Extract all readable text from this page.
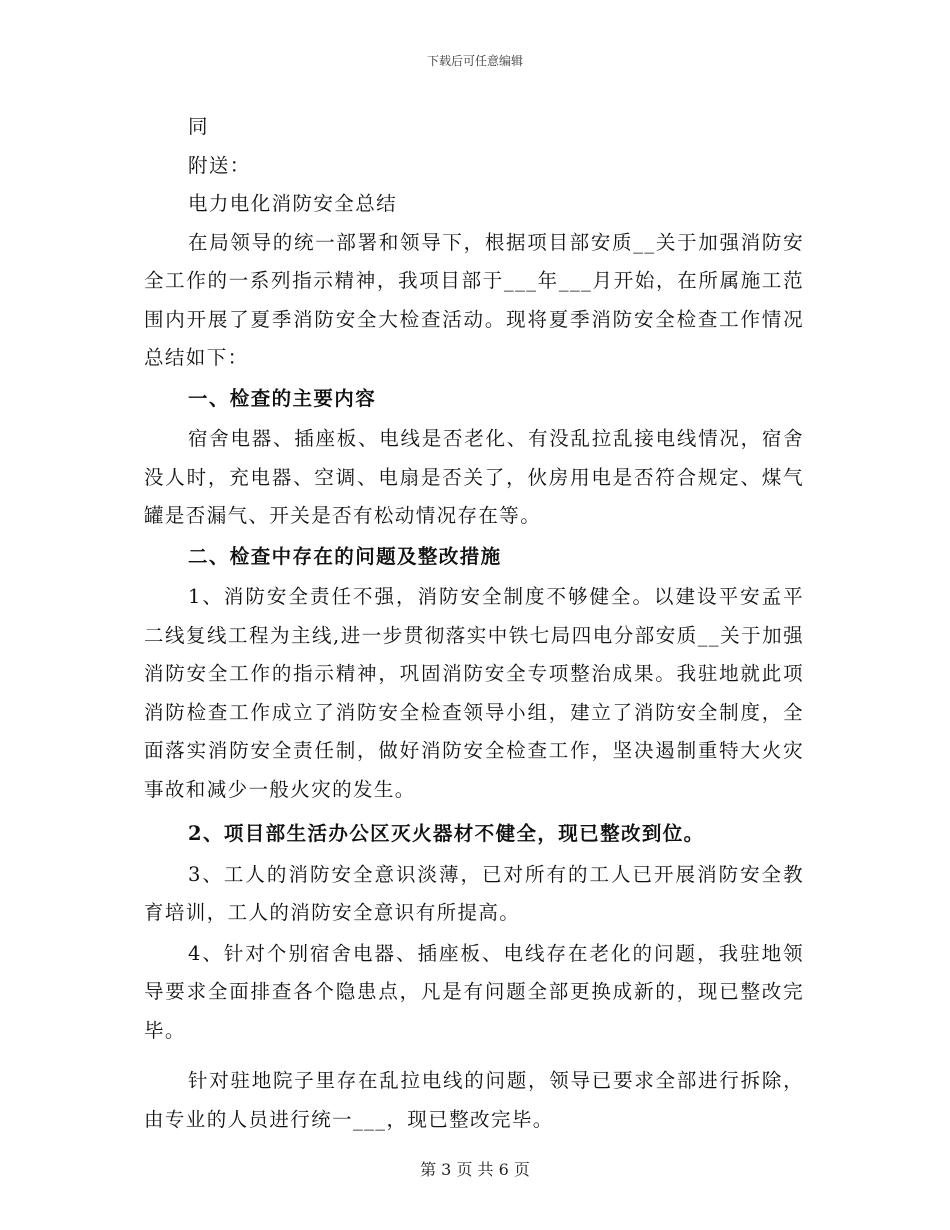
下载后可任意编辑

同

附送：

电力电化消防安全总结

在局领导的统一部署和领导下，根据项目部安质__关于加强消防安全工作的一系列指示精神，我项目部于___年___月开始，在所属施工范围内开展了夏季消防安全大检查活动。现将夏季消防安全检查工作情况总结如下：

一、检查的主要内容

宿舍电器、插座板、电线是否老化、有没乱拉乱接电线情况，宿舍没人时，充电器、空调、电扇是否关了，伙房用电是否符合规定、煤气罐是否漏气、开关是否有松动情况存在等。

二、检查中存在的问题及整改措施

1、消防安全责任不强，消防安全制度不够健全。以建设平安孟平二线复线工程为主线,进一步贯彻落实中铁七局四电分部安质__关于加强消防安全工作的指示精神，巩固消防安全专项整治成果。我驻地就此项消防检查工作成立了消防安全检查领导小组，建立了消防安全制度，全面落实消防安全责任制，做好消防安全检查工作，坚决遏制重特大火灾事故和减少一般火灾的发生。

2、项目部生活办公区灭火器材不健全，现已整改到位。

3、工人的消防安全意识淡薄，已对所有的工人已开展消防安全教育培训，工人的消防安全意识有所提高。

4、针对个别宿舍电器、插座板、电线存在老化的问题，我驻地领导要求全面排查各个隐患点，凡是有问题全部更换成新的，现已整改完毕。

针对驻地院子里存在乱拉电线的问题，领导已要求全部进行拆除，由专业的人员进行统一___，现已整改完毕。

第 3 页 共 6 页
